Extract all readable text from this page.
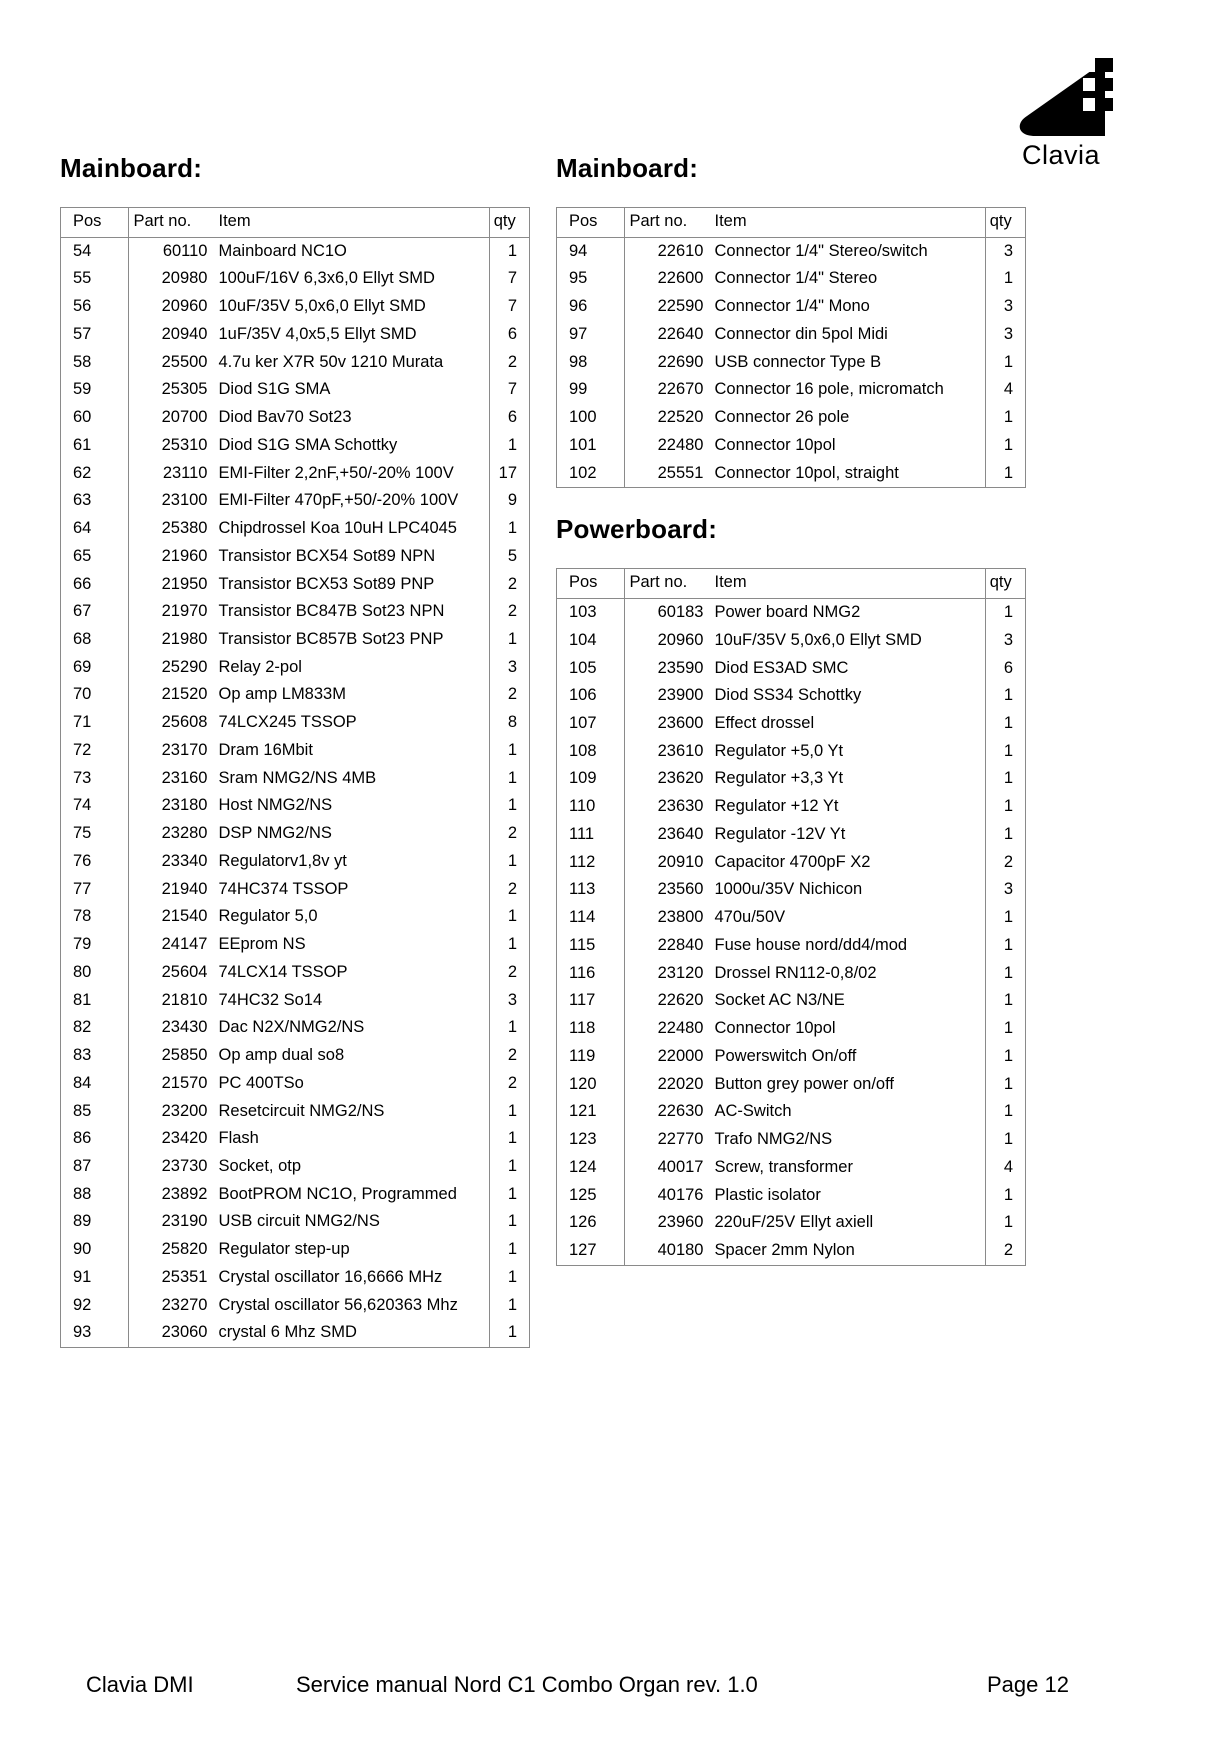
Clavia
Mainboard:
Pos	Part no.	Item	qty
54	60110	Mainboard NC1O	1
55	20980	100uF/16V 6,3x6,0 Ellyt SMD	7
56	20960	10uF/35V 5,0x6,0 Ellyt SMD	7
57	20940	1uF/35V 4,0x5,5 Ellyt SMD	6
58	25500	4.7u ker X7R 50v 1210 Murata	2
59	25305	Diod S1G SMA	7
60	20700	Diod Bav70 Sot23	6
61	25310	Diod S1G SMA Schottky	1
62	23110	EMI-Filter 2,2nF,+50/-20% 100V	17
63	23100	EMI-Filter 470pF,+50/-20% 100V	9
64	25380	Chipdrossel Koa 10uH LPC4045	1
65	21960	Transistor BCX54 Sot89 NPN	5
66	21950	Transistor BCX53 Sot89 PNP	2
67	21970	Transistor BC847B Sot23 NPN	2
68	21980	Transistor BC857B Sot23 PNP	1
69	25290	Relay 2-pol	3
70	21520	Op amp LM833M	2
71	25608	74LCX245 TSSOP	8
72	23170	Dram 16Mbit	1
73	23160	Sram NMG2/NS 4MB	1
74	23180	Host NMG2/NS	1
75	23280	DSP NMG2/NS	2
76	23340	Regulatorv1,8v yt	1
77	21940	74HC374 TSSOP	2
78	21540	Regulator 5,0	1
79	24147	EEprom NS	1
80	25604	74LCX14 TSSOP	2
81	21810	74HC32 So14	3
82	23430	Dac N2X/NMG2/NS	1
83	25850	Op amp dual so8	2
84	21570	PC 400TSo	2
85	23200	Resetcircuit NMG2/NS	1
86	23420	Flash	1
87	23730	Socket, otp	1
88	23892	BootPROM NC1O, Programmed	1
89	23190	USB circuit NMG2/NS	1
90	25820	Regulator step-up	1
91	25351	Crystal oscillator 16,6666 MHz	1
92	23270	Crystal oscillator 56,620363 Mhz	1
93	23060	crystal 6 Mhz SMD	1
Mainboard:
Pos	Part no.	Item	qty
94	22610	Connector 1/4" Stereo/switch	3
95	22600	Connector 1/4" Stereo	1
96	22590	Connector 1/4" Mono	3
97	22640	Connector din 5pol Midi	3
98	22690	USB connector Type B	1
99	22670	Connector 16 pole, micromatch	4
100	22520	Connector 26 pole	1
101	22480	Connector 10pol	1
102	25551	Connector 10pol, straight	1
Powerboard:
Pos	Part no.	Item	qty
103	60183	Power board NMG2	1
104	20960	10uF/35V 5,0x6,0 Ellyt SMD	3
105	23590	Diod ES3AD SMC	6
106	23900	Diod SS34 Schottky	1
107	23600	Effect drossel	1
108	23610	Regulator +5,0 Yt	1
109	23620	Regulator +3,3 Yt	1
110	23630	Regulator +12 Yt	1
111	23640	Regulator -12V Yt	1
112	20910	Capacitor 4700pF X2	2
113	23560	1000u/35V Nichicon	3
114	23800	470u/50V	1
115	22840	Fuse house nord/dd4/mod	1
116	23120	Drossel RN112-0,8/02	1
117	22620	Socket AC N3/NE	1
118	22480	Connector 10pol	1
119	22000	Powerswitch On/off	1
120	22020	Button grey power on/off	1
121	22630	AC-Switch	1
123	22770	Trafo NMG2/NS	1
124	40017	Screw, transformer	4
125	40176	Plastic isolator	1
126	23960	220uF/25V Ellyt axiell	1
127	40180	Spacer 2mm Nylon	2
Clavia DMI	Service manual Nord C1 Combo Organ rev. 1.0	Page 12
